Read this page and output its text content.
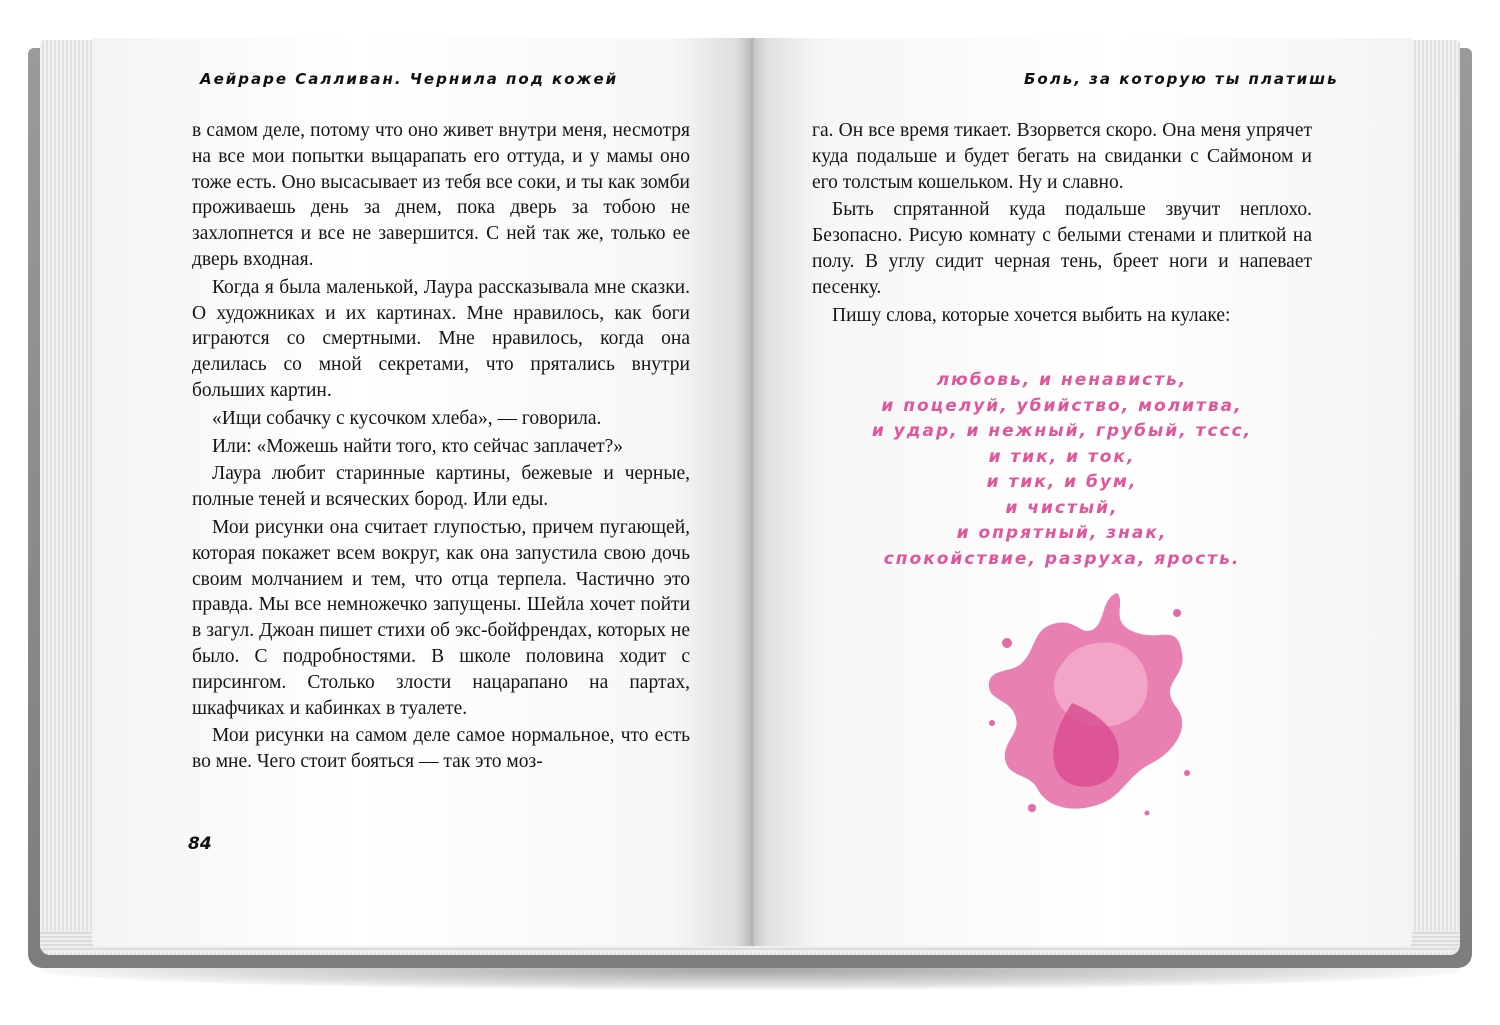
Аейраре Салливан. Чернила под кожей

в самом деле, потому что оно живет внутри меня, несмотря на все мои попытки выцарапать его оттуда, и у мамы оно тоже есть. Оно высасывает из тебя все соки, и ты как зомби проживаешь день за днем, пока дверь за тобою не захлопнется и все не завершится. С ней так же, только ее дверь входная.

Когда я была маленькой, Лаура рассказывала мне сказки. О художниках и их картинах. Мне нравилось, как боги играются со смертными. Мне нравилось, когда она делилась со мной секретами, что прятались внутри больших картин.

«Ищи собачку с кусочком хлеба», — говорила.

Или: «Можешь найти того, кто сейчас заплачет?»

Лаура любит старинные картины, бежевые и черные, полные теней и всяческих бород. Или еды.

Мои рисунки она считает глупостью, причем пугающей, которая покажет всем вокруг, как она запустила свою дочь своим молчанием и тем, что отца терпела. Частично это правда. Мы все немножечко запущены. Шейла хочет пойти в загул. Джоан пишет стихи об экс-бойфрендах, которых не было. С подробностями. В школе половина ходит с пирсингом. Столько злости нацарапано на партах, шкафчиках и кабинках в туалете.

Мои рисунки на самом деле самое нормальное, что есть во мне. Чего стоит бояться — так это моз-

84
Боль, за которую ты платишь

га. Он все время тикает. Взорвется скоро. Она меня упрячет куда подальше и будет бегать на свиданки с Саймоном и его толстым кошельком. Ну и славно.

Быть спрятанной куда подальше звучит неплохо. Безопасно. Рисую комнату с белыми стенами и плиткой на полу. В углу сидит черная тень, бреет ноги и напевает песенку.

Пишу слова, которые хочется выбить на кулаке:

любовь, и ненависть,
и поцелуй, убийство, молитва,
и удар, и нежный, грубый, тссс,
и тик, и ток,
и тик, и бум,
и чистый,
и опрятный, знак,
спокойствие, разруха, ярость.
